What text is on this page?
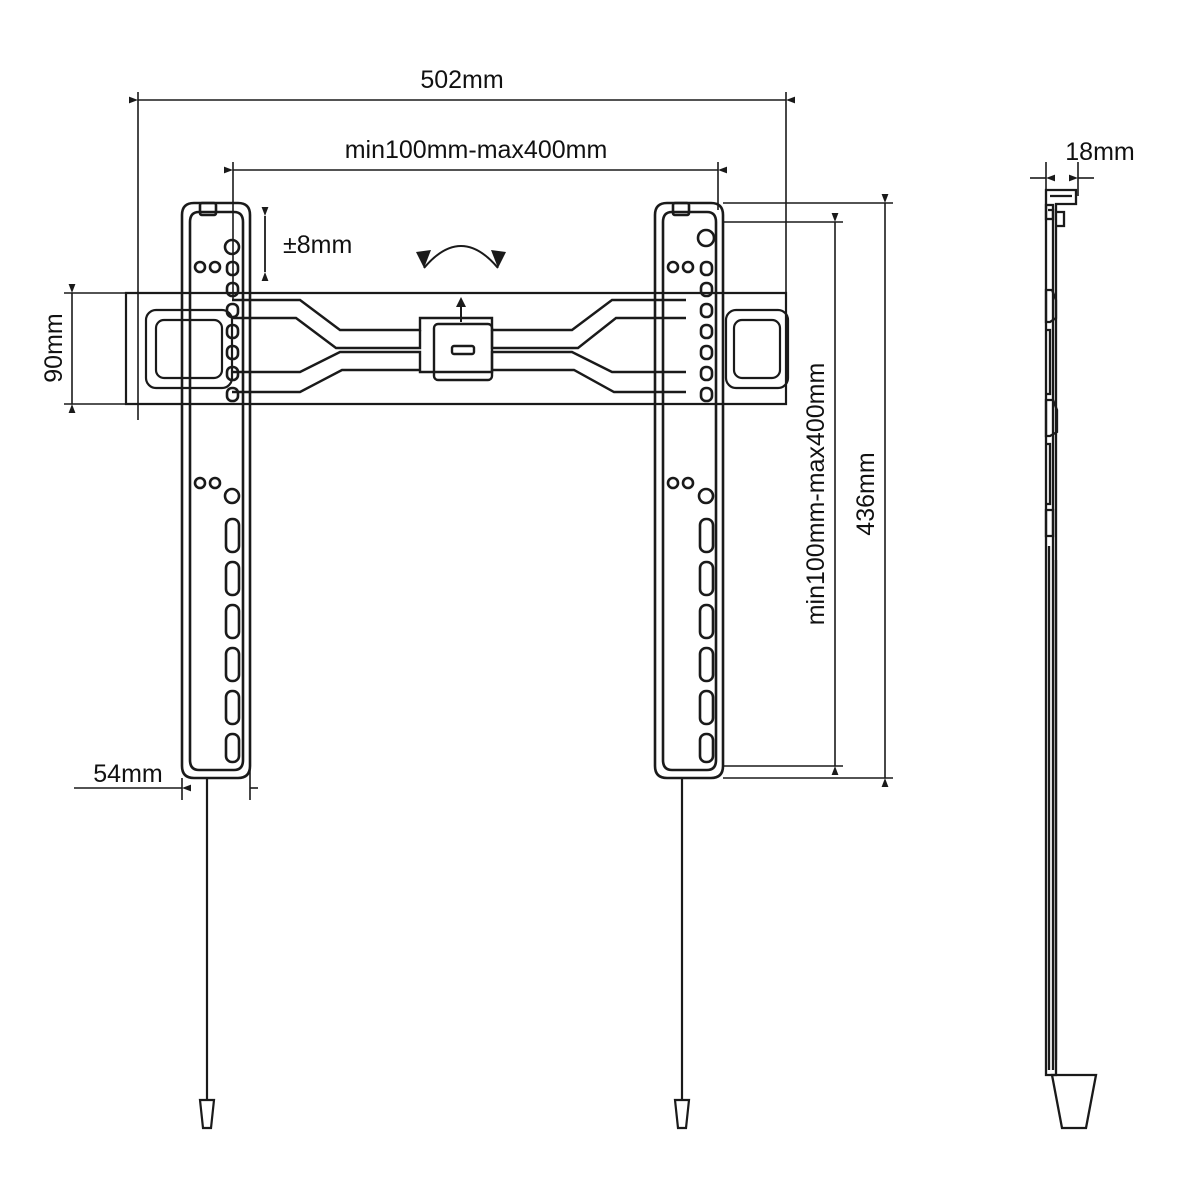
502mm
min100mm-max400mm
±8mm
90mm
min100mm-max400mm 436mm
54mm
18mm
